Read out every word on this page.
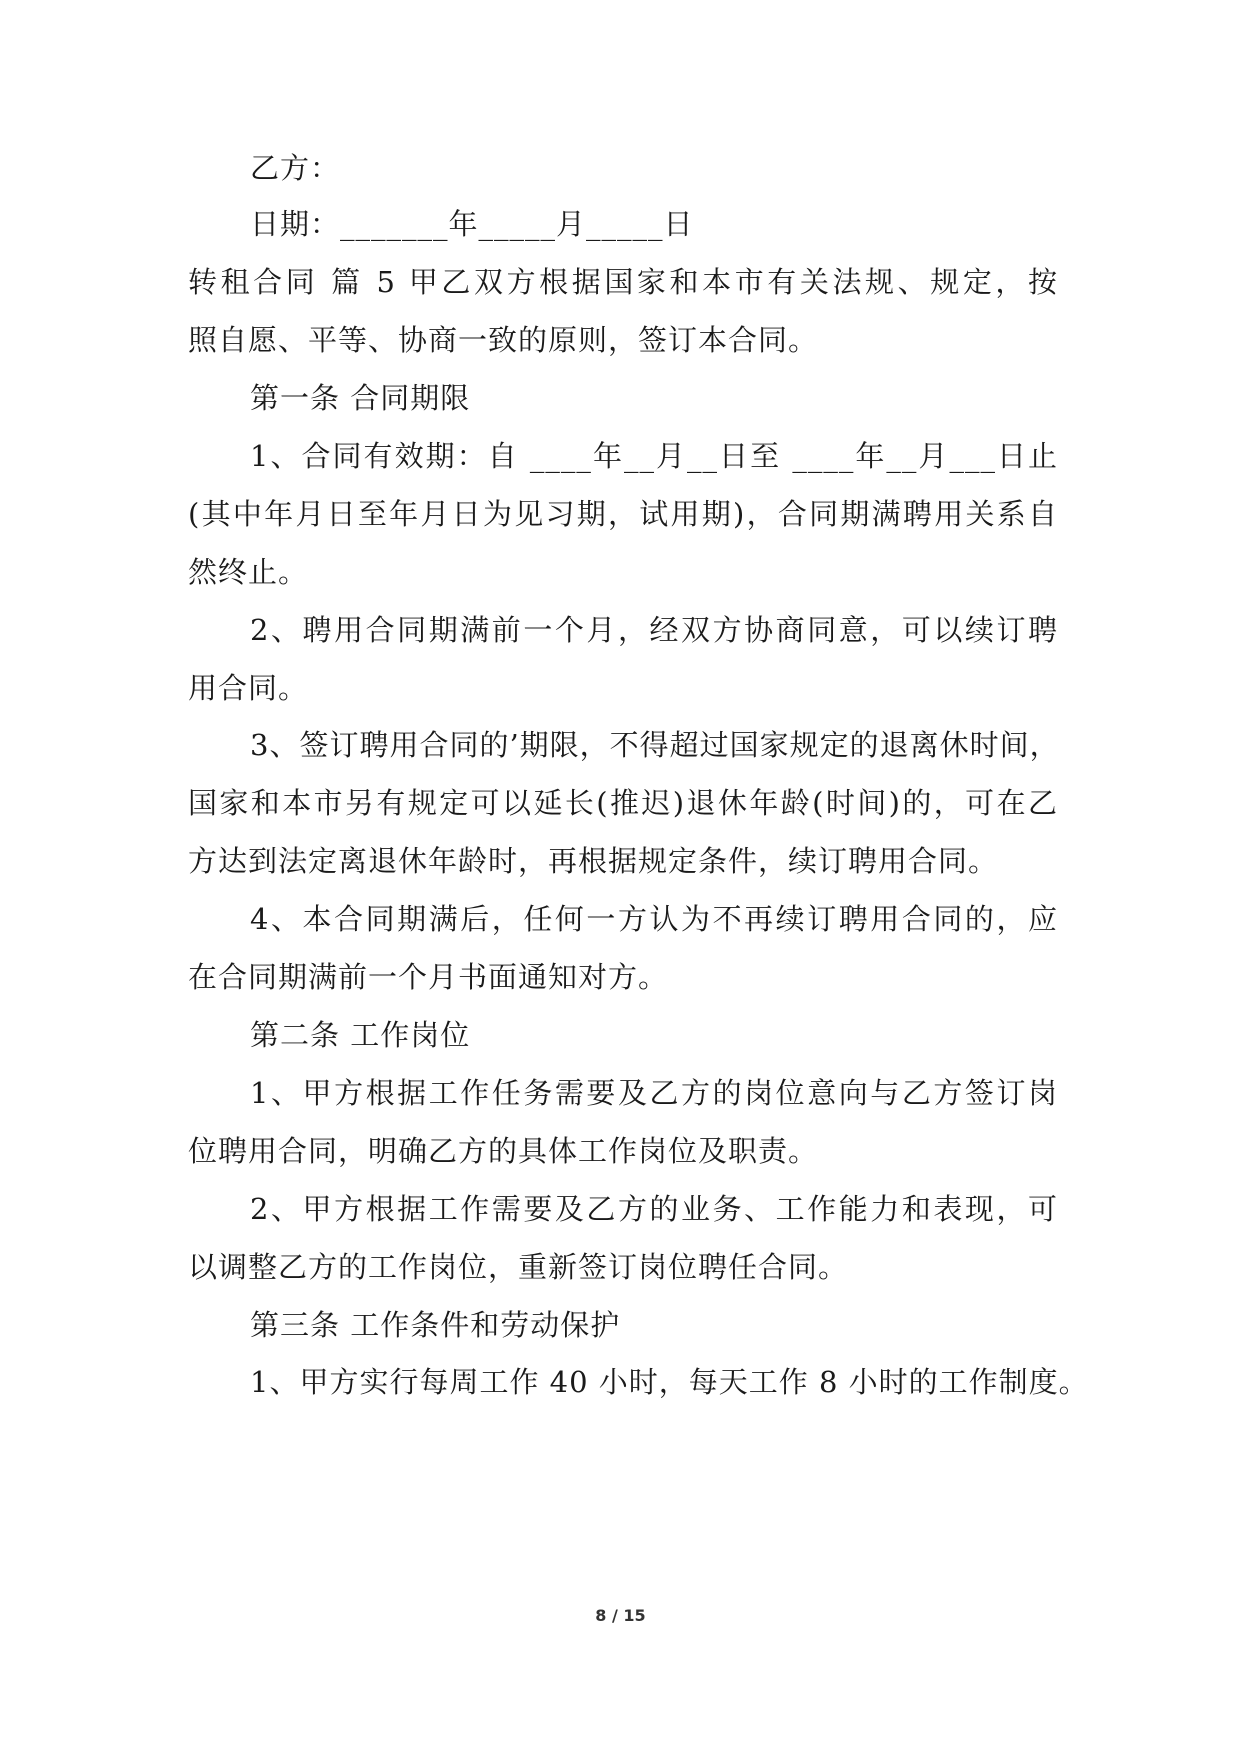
乙方：
日期：_______年_____月_____日
转租合同 篇 5 甲乙双方根据国家和本市有关法规、规定，按
照自愿、平等、协商一致的原则，签订本合同。
第一条 合同期限
1、合同有效期：自 ____年__月__日至 ____年__月___日止
(其中年月日至年月日为见习期，试用期)，合同期满聘用关系自
然终止。
2、聘用合同期满前一个月，经双方协商同意，可以续订聘
用合同。
3、签订聘用合同的’期限，不得超过国家规定的退离休时间，
国家和本市另有规定可以延长(推迟)退休年龄(时间)的，可在乙
方达到法定离退休年龄时，再根据规定条件，续订聘用合同。
4、本合同期满后，任何一方认为不再续订聘用合同的，应
在合同期满前一个月书面通知对方。
第二条 工作岗位
1、甲方根据工作任务需要及乙方的岗位意向与乙方签订岗
位聘用合同，明确乙方的具体工作岗位及职责。
2、甲方根据工作需要及乙方的业务、工作能力和表现，可
以调整乙方的工作岗位，重新签订岗位聘任合同。
第三条 工作条件和劳动保护
1、甲方实行每周工作 40 小时，每天工作 8 小时的工作制度。
8 / 15
